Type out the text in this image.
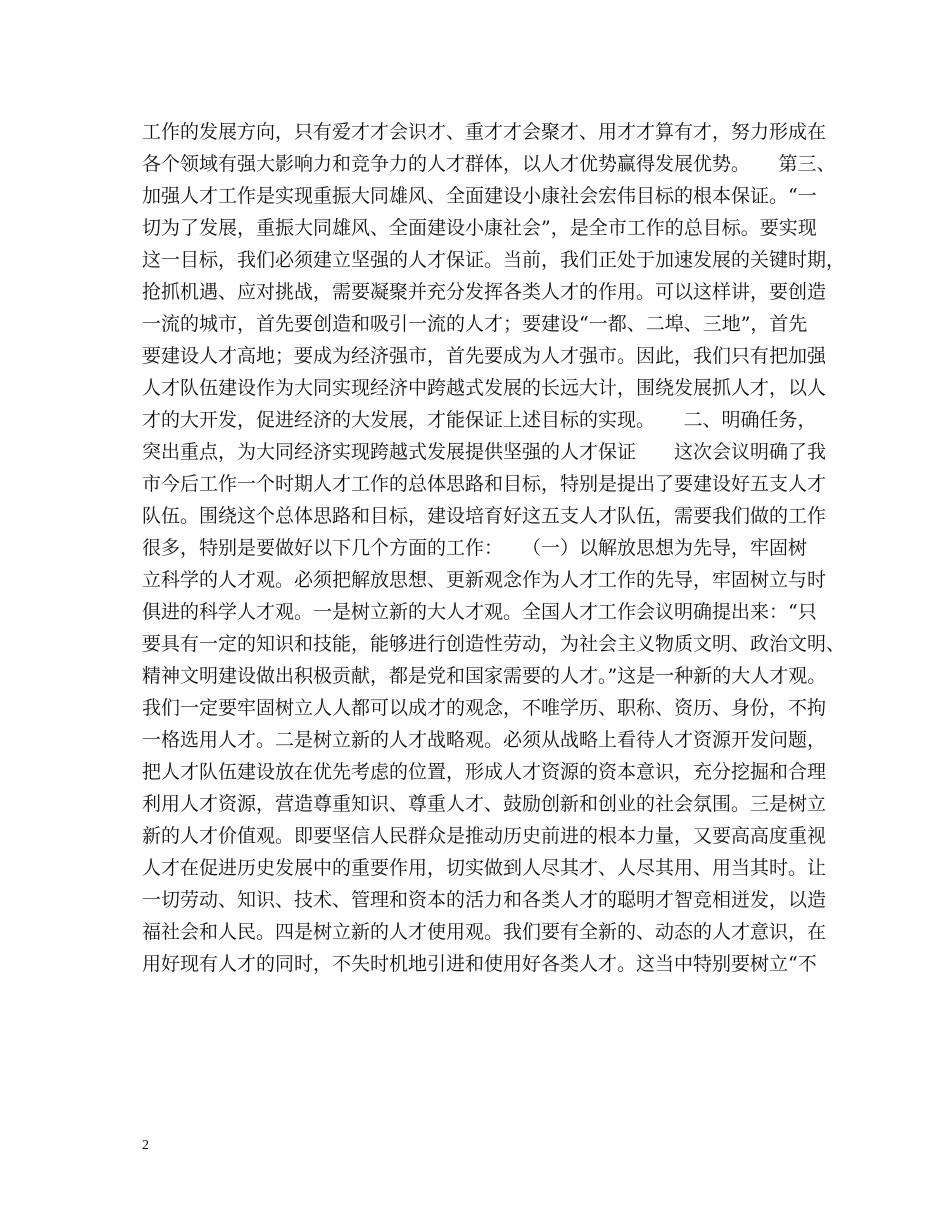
工作的发展方向，只有爱才才会识才、重才才会聚才、用才才算有才，努力形成在
各个领域有强大影响力和竞争力的人才群体，以人才优势赢得发展优势。　　第三、
加强人才工作是实现重振大同雄风、全面建设小康社会宏伟目标的根本保证。“一
切为了发展，重振大同雄风、全面建设小康社会”，是全市工作的总目标。要实现
这一目标，我们必须建立坚强的人才保证。当前，我们正处于加速发展的关键时期，
抢抓机遇、应对挑战，需要凝聚并充分发挥各类人才的作用。可以这样讲，要创造
一流的城市，首先要创造和吸引一流的人才；要建设“一都、二埠、三地”，首先
要建设人才高地；要成为经济强市，首先要成为人才强市。因此，我们只有把加强
人才队伍建设作为大同实现经济中跨越式发展的长远大计，围绕发展抓人才，以人
才的大开发，促进经济的大发展，才能保证上述目标的实现。　　二、明确任务，
突出重点，为大同经济实现跨越式发展提供坚强的人才保证　　这次会议明确了我
市今后工作一个时期人才工作的总体思路和目标，特别是提出了要建设好五支人才
队伍。围绕这个总体思路和目标，建设培育好这五支人才队伍，需要我们做的工作
很多，特别是要做好以下几个方面的工作：　　（一）以解放思想为先导，牢固树
立科学的人才观。必须把解放思想、更新观念作为人才工作的先导，牢固树立与时
俱进的科学人才观。一是树立新的大人才观。全国人才工作会议明确提出来：“只
要具有一定的知识和技能，能够进行创造性劳动，为社会主义物质文明、政治文明、
精神文明建设做出积极贡献，都是党和国家需要的人才。”这是一种新的大人才观。
我们一定要牢固树立人人都可以成才的观念，不唯学历、职称、资历、身份，不拘
一格选用人才。二是树立新的人才战略观。必须从战略上看待人才资源开发问题，
把人才队伍建设放在优先考虑的位置，形成人才资源的资本意识，充分挖掘和合理
利用人才资源，营造尊重知识、尊重人才、鼓励创新和创业的社会氛围。三是树立
新的人才价值观。即要坚信人民群众是推动历史前进的根本力量，又要高高度重视
人才在促进历史发展中的重要作用，切实做到人尽其才、人尽其用、用当其时。让
一切劳动、知识、技术、管理和资本的活力和各类人才的聪明才智竞相迸发，以造
福社会和人民。四是树立新的人才使用观。我们要有全新的、动态的人才意识，在
用好现有人才的同时，不失时机地引进和使用好各类人才。这当中特别要树立“不
2
